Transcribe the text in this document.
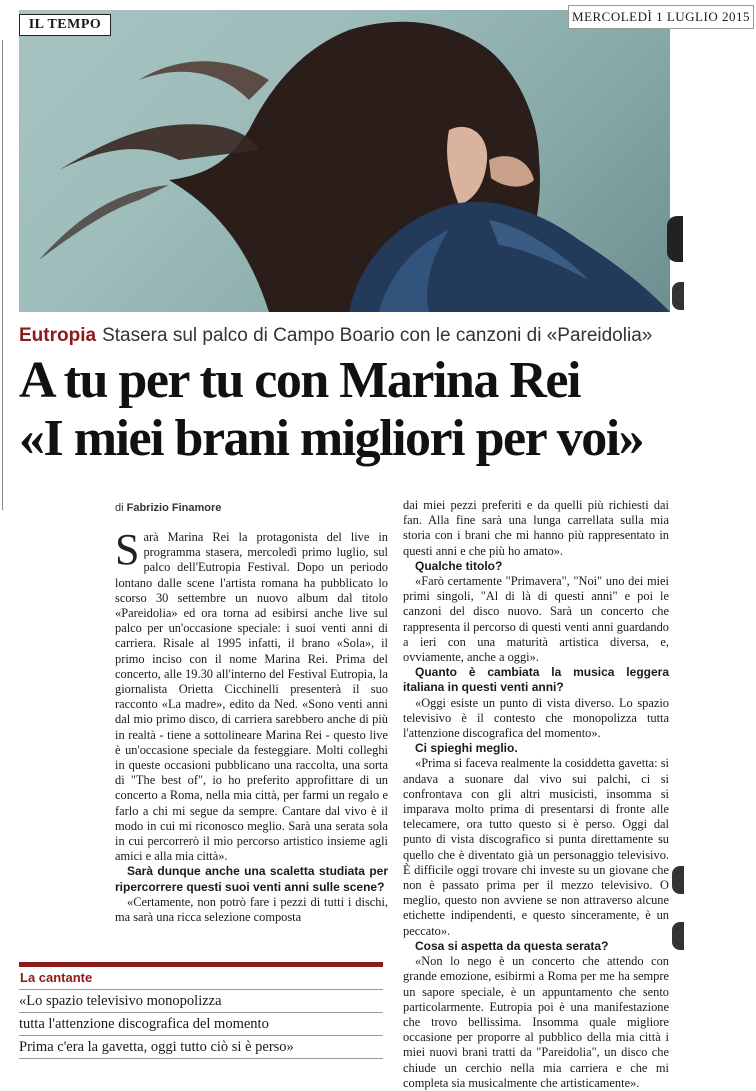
IL TEMPO
MERCOLEDÌ 1 LUGLIO 2015
Eutropia Stasera sul palco di Campo Boario con le canzoni di «Pareidolia»
A tu per tu con Marina Rei
«I miei brani migliori per voi»
di Fabrizio Finamore

Sarà Marina Rei la protagonista del live in programma stasera, mercoledì primo luglio, sul palco dell'Eutropia Festival. Dopo un periodo lontano dalle scene l'artista romana ha pubblicato lo scorso 30 settembre un nuovo album dal titolo «Pareidolia» ed ora torna ad esibirsi anche live sul palco per un'occasione speciale: i suoi venti anni di carriera. Risale al 1995 infatti, il brano «Sola», il primo inciso con il nome Marina Rei. Prima del concerto, alle 19.30 all'interno del Festival Eutropia, la giornalista Orietta Cicchinelli presenterà il suo racconto «La madre», edito da Ned. «Sono venti anni dal mio primo disco, di carriera sarebbero anche di più in realtà - tiene a sottolineare Marina Rei - questo live è un'occasione speciale da festeggiare. Molti colleghi in queste occasioni pubblicano una raccolta, una sorta di "The best of", io ho preferito approfittare di un concerto a Roma, nella mia città, per farmi un regalo e farlo a chi mi segue da sempre. Cantare dal vivo è il modo in cui mi riconosco meglio. Sarà una serata sola in cui percorrerò il mio percorso artistico insieme agli amici e alla mia città».

Sarà dunque anche una scaletta studiata per ripercorrere questi suoi venti anni sulle scene?

«Certamente, non potrò fare i pezzi di tutti i dischi, ma sarà una ricca selezione composta

dai miei pezzi preferiti e da quelli più richiesti dai fan. Alla fine sarà una lunga carrellata sulla mia storia con i brani che mi hanno più rappresentato in questi anni e che più ho amato».

Qualche titolo?

«Farò certamente "Primavera", "Noi" uno dei miei primi singoli, "Al di là di questi anni" e poi le canzoni del disco nuovo. Sarà un concerto che rappresenta il percorso di questi venti anni guardando a ieri con una maturità artistica diversa, e, ovviamente, anche a oggi».

Quanto è cambiata la musica leggera italiana in questi venti anni?

«Oggi esiste un punto di vista diverso. Lo spazio televisivo è il contesto che monopolizza tutta l'attenzione discografica del momento».

Ci spieghi meglio.

«Prima si faceva realmente la cosiddetta gavetta: si andava a suonare dal vivo sui palchi, ci si confrontava con gli altri musicisti, insomma si imparava molto prima di presentarsi di fronte alle telecamere, ora tutto questo si è perso. Oggi dal punto di vista discografico si punta direttamente su quello che è diventato già un personaggio televisivo. È difficile oggi trovare chi investe su un giovane che non è passato prima per il mezzo televisivo. O meglio, questo non avviene se non attraverso alcune etichette indipendenti, e questo sinceramente, è un peccato».

Cosa si aspetta da questa serata?

«Non lo nego è un concerto che attendo con grande emozione, esibirmi a Roma per me ha sempre un sapore speciale, è un appuntamento che sento particolarmente. Eutropia poi è una manifestazione che trovo bellissima. Insomma quale migliore occasione per proporre al pubblico della mia città i miei nuovi brani tratti da "Pareidolia", un disco che chiude un cerchio nella mia carriera e che mi completa sia musicalmente che artisticamente».

La cantante
«Lo spazio televisivo monopolizza
tutta l'attenzione discografica del momento
Prima c'era la gavetta, oggi tutto ciò si è perso»
